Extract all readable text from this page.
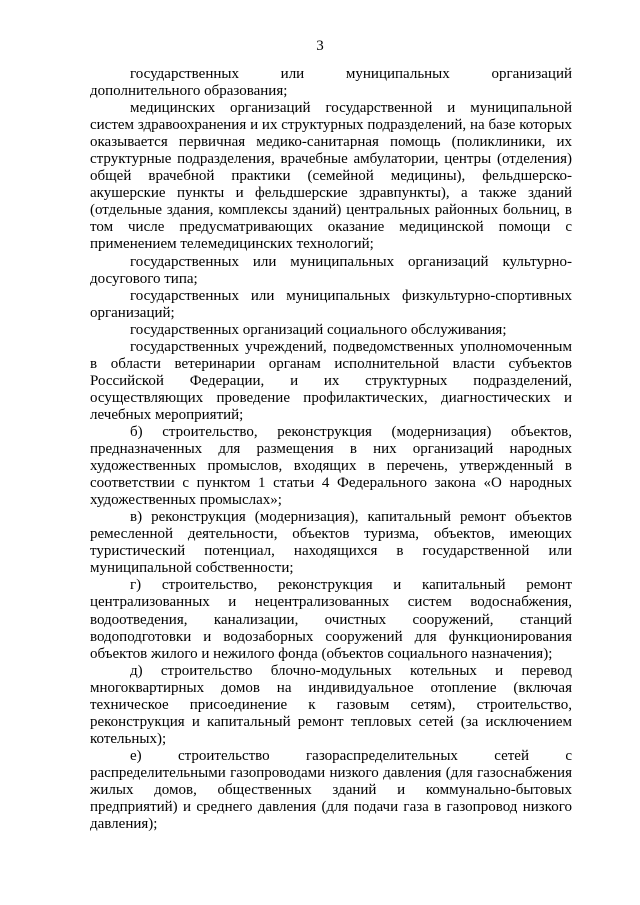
3

государственных или муниципальных организаций дополнительного образования;

медицинских организаций государственной и муниципальной систем здравоохранения и их структурных подразделений, на базе которых оказывается первичная медико-санитарная помощь (поликлиники, их структурные подразделения, врачебные амбулатории, центры (отделения) общей врачебной практики (семейной медицины), фельдшерско-акушерские пункты и фельдшерские здравпункты), а также зданий (отдельные здания, комплексы зданий) центральных районных больниц, в том числе предусматривающих оказание медицинской помощи с применением телемедицинских технологий;

государственных или муниципальных организаций культурно-досугового типа;

государственных или муниципальных физкультурно-спортивных организаций;

государственных организаций социального обслуживания;

государственных учреждений, подведомственных уполномоченным в области ветеринарии органам исполнительной власти субъектов Российской Федерации, и их структурных подразделений, осуществляющих проведение профилактических, диагностических и лечебных мероприятий;

б) строительство, реконструкция (модернизация) объектов, предназначенных для размещения в них организаций народных художественных промыслов, входящих в перечень, утвержденный в соответствии с пунктом 1 статьи 4 Федерального закона «О народных художественных промыслах»;

в) реконструкция (модернизация), капитальный ремонт объектов ремесленной деятельности, объектов туризма, объектов, имеющих туристический потенциал, находящихся в государственной или муниципальной собственности;

г) строительство, реконструкция и капитальный ремонт централизованных и нецентрализованных систем водоснабжения, водоотведения, канализации, очистных сооружений, станций водоподготовки и водозаборных сооружений для функционирования объектов жилого и нежилого фонда (объектов социального назначения);

д) строительство блочно-модульных котельных и перевод многоквартирных домов на индивидуальное отопление (включая техническое присоединение к газовым сетям), строительство, реконструкция и капитальный ремонт тепловых сетей (за исключением котельных);

е) строительство газораспределительных сетей с распределительными газопроводами низкого давления (для газоснабжения жилых домов, общественных зданий и коммунально-бытовых предприятий) и среднего давления (для подачи газа в газопровод низкого давления);
